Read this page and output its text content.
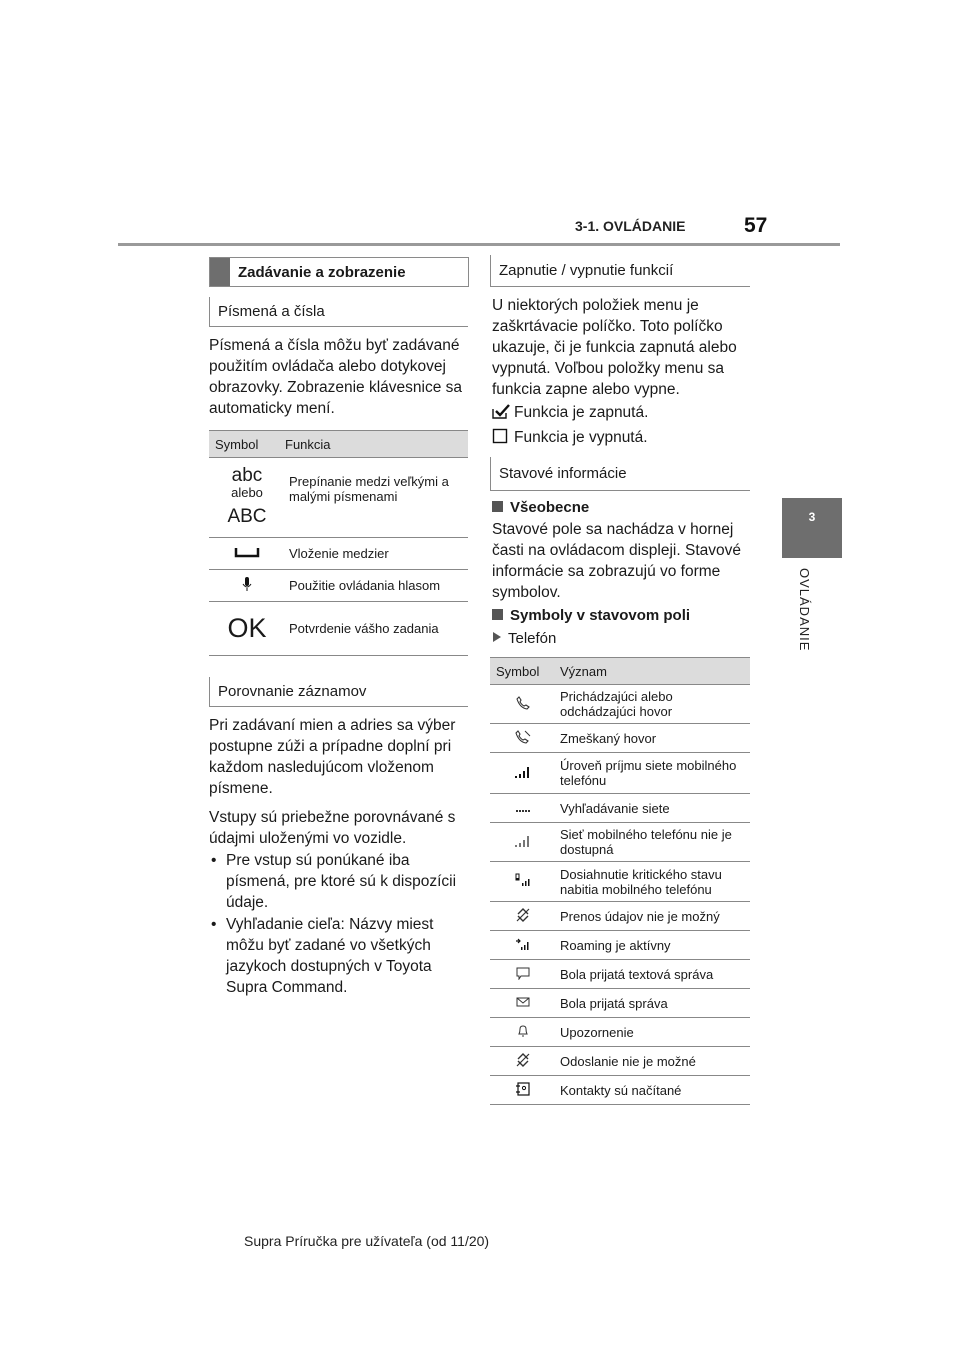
3-1. OVLÁDANIE	57
3
OVLÁDANIE
Zadávanie a zobrazenie
Písmená a čísla

Písmená a čísla môžu byť zadávané použitím ovládača alebo dotykovej obrazovky. Zobrazenie klávesnice sa automaticky mení.

Symbol	Funkcia

abc
alebo
ABC	Prepínanie medzi veľkými a malými písmenami
	Vloženie medzier
	Použitie ovládania hlasom
OK	Potvrdenie vášho zadania
Porovnanie záznamov

Pri zadávaní mien a adries sa výber postupne zúži a prípadne doplní pri každom nasledujúcom vloženom písmene.

Vstupy sú priebežne porovnávané s údajmi uloženými vo vozidle.

• Pre vstup sú ponúkané iba písmená, pre ktoré sú k dispozícii údaje.
• Vyhľadanie cieľa: Názvy miest môžu byť zadané vo všetkých jazykoch dostupných v Toyota Supra Command.
Zapnutie / vypnutie funkcií

U niektorých položiek menu je zaškrtávacie políčko. Toto políčko ukazuje, či je funkcia zapnutá alebo vypnutá. Voľbou položky menu sa funkcia zapne alebo vypne.

Funkcia je zapnutá.
Funkcia je vypnutá.
Stavové informácie
Všeobecne

Stavové pole sa nachádza v hornej časti na ovládacom displeji. Stavové informácie sa zobrazujú vo forme symbolov.

Symboly v stavovom poli
Telefón
Symbol	Význam
	Prichádzajúci alebo odchádzajúci hovor
	Zmeškaný hovor
	Úroveň príjmu siete mobilného telefónu
	Vyhľadávanie siete
	Sieť mobilného telefónu nie je dostupná
	Dosiahnutie kritického stavu nabitia mobilného telefónu
	Prenos údajov nie je možný
	Roaming je aktívny
	Bola prijatá textová správa
	Bola prijatá správa
	Upozornenie
	Odoslanie nie je možné
	Kontakty sú načítané
Supra Príručka pre užívateľa (od 11/20)
